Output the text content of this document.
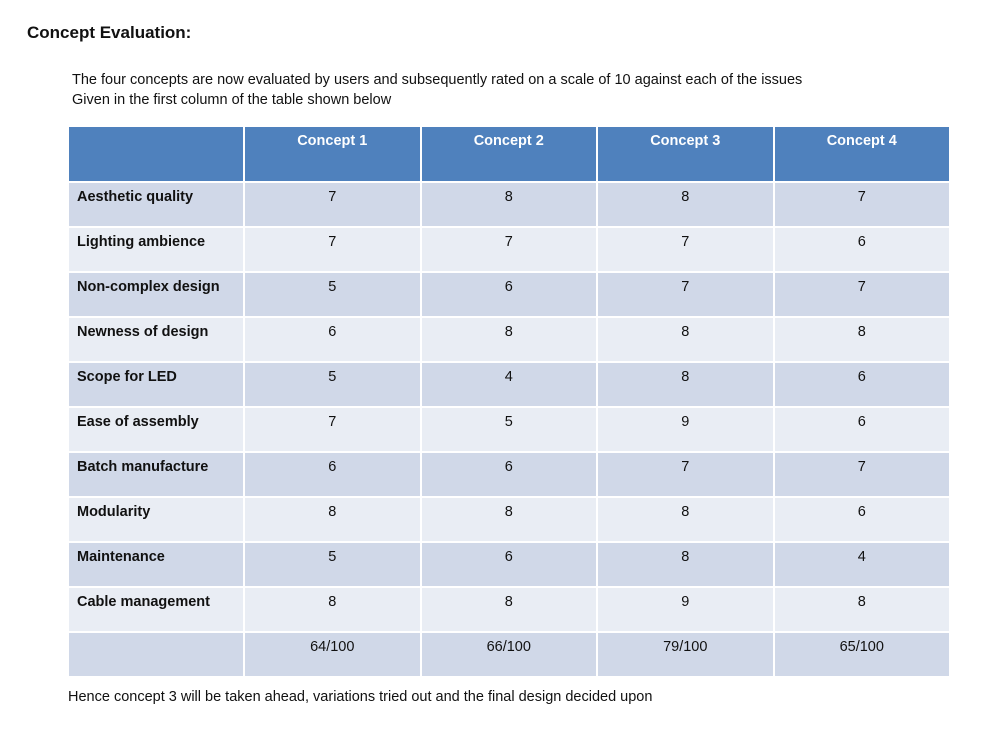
Concept Evaluation:
The four concepts are now evaluated by users and subsequently rated on a scale of 10 against each of the issues
Given in the first column of the table shown below
	Concept 1	Concept 2	Concept 3	Concept 4
Aesthetic quality	7	8	8	7
Lighting ambience	7	7	7	6
Non-complex design	5	6	7	7
Newness of design	6	8	8	8
Scope for LED	5	4	8	6
Ease of assembly	7	5	9	6
Batch manufacture	6	6	7	7
Modularity	8	8	8	6
Maintenance	5	6	8	4
Cable management	8	8	9	8
	64/100	66/100	79/100	65/100
Hence concept 3 will be taken ahead, variations tried out and the final design decided upon
